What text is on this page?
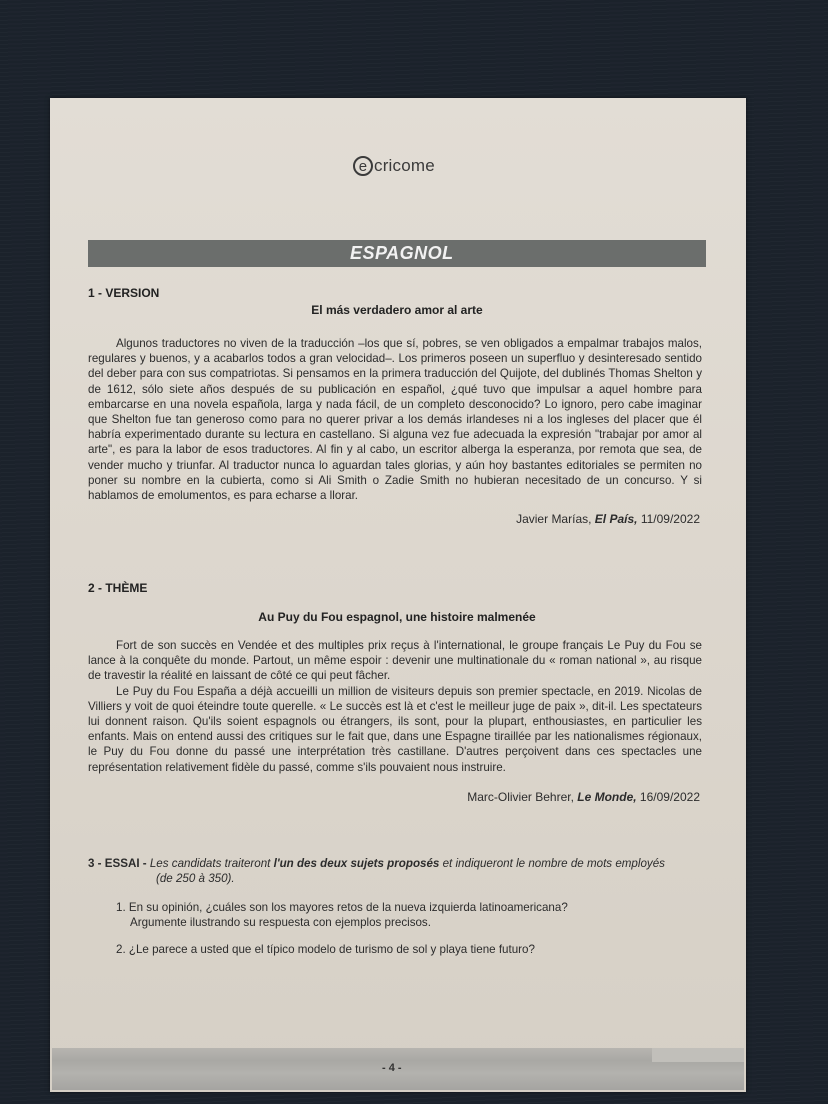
e cricome
ESPAGNOL
1 - VERSION
El más verdadero amor al arte

Algunos traductores no viven de la traducción –los que sí, pobres, se ven obligados a empalmar trabajos malos, regulares y buenos, y a acabarlos todos a gran velocidad–. Los primeros poseen un superfluo y desinteresado sentido del deber para con sus compatriotas. Si pensamos en la primera traducción del Quijote, del dublinés Thomas Shelton y de 1612, sólo siete años después de su publicación en español, ¿qué tuvo que impulsar a aquel hombre para embarcarse en una novela española, larga y nada fácil, de un completo desconocido? Lo ignoro, pero cabe imaginar que Shelton fue tan generoso como para no querer privar a los demás irlandeses ni a los ingleses del placer que él habría experimentado durante su lectura en castellano. Si alguna vez fue adecuada la expresión "trabajar por amor al arte", es para la labor de esos traductores. Al fin y al cabo, un escritor alberga la esperanza, por remota que sea, de vender mucho y triunfar. Al traductor nunca lo aguardan tales glorias, y aún hoy bastantes editoriales se permiten no poner su nombre en la cubierta, como si Ali Smith o Zadie Smith no hubieran necesitado de un concurso. Y si hablamos de emolumentos, es para echarse a llorar.

Javier Marías, El País, 11/09/2022
2 - THÈME
Au Puy du Fou espagnol, une histoire malmenée

Fort de son succès en Vendée et des multiples prix reçus à l'international, le groupe français Le Puy du Fou se lance à la conquête du monde. Partout, un même espoir : devenir une multinationale du « roman national », au risque de travestir la réalité en laissant de côté ce qui peut fâcher.

Le Puy du Fou España a déjà accueilli un million de visiteurs depuis son premier spectacle, en 2019. Nicolas de Villiers y voit de quoi éteindre toute querelle. « Le succès est là et c'est le meilleur juge de paix », dit-il. Les spectateurs lui donnent raison. Qu'ils soient espagnols ou étrangers, ils sont, pour la plupart, enthousiastes, en particulier les enfants. Mais on entend aussi des critiques sur le fait que, dans une Espagne tiraillée par les nationalismes régionaux, le Puy du Fou donne du passé une interprétation très castillane. D'autres perçoivent dans ces spectacles une représentation relativement fidèle du passé, comme s'ils pouvaient nous instruire.

Marc-Olivier Behrer, Le Monde, 16/09/2022
3 - ESSAI - Les candidats traiteront l'un des deux sujets proposés et indiqueront le nombre de mots employés
(de 250 à 350).
1. En su opinión, ¿cuáles son los mayores retos de la nueva izquierda latinoamericana?
Argumente ilustrando su respuesta con ejemplos precisos.
2. ¿Le parece a usted que el típico modelo de turismo de sol y playa tiene futuro?
- 4 -
